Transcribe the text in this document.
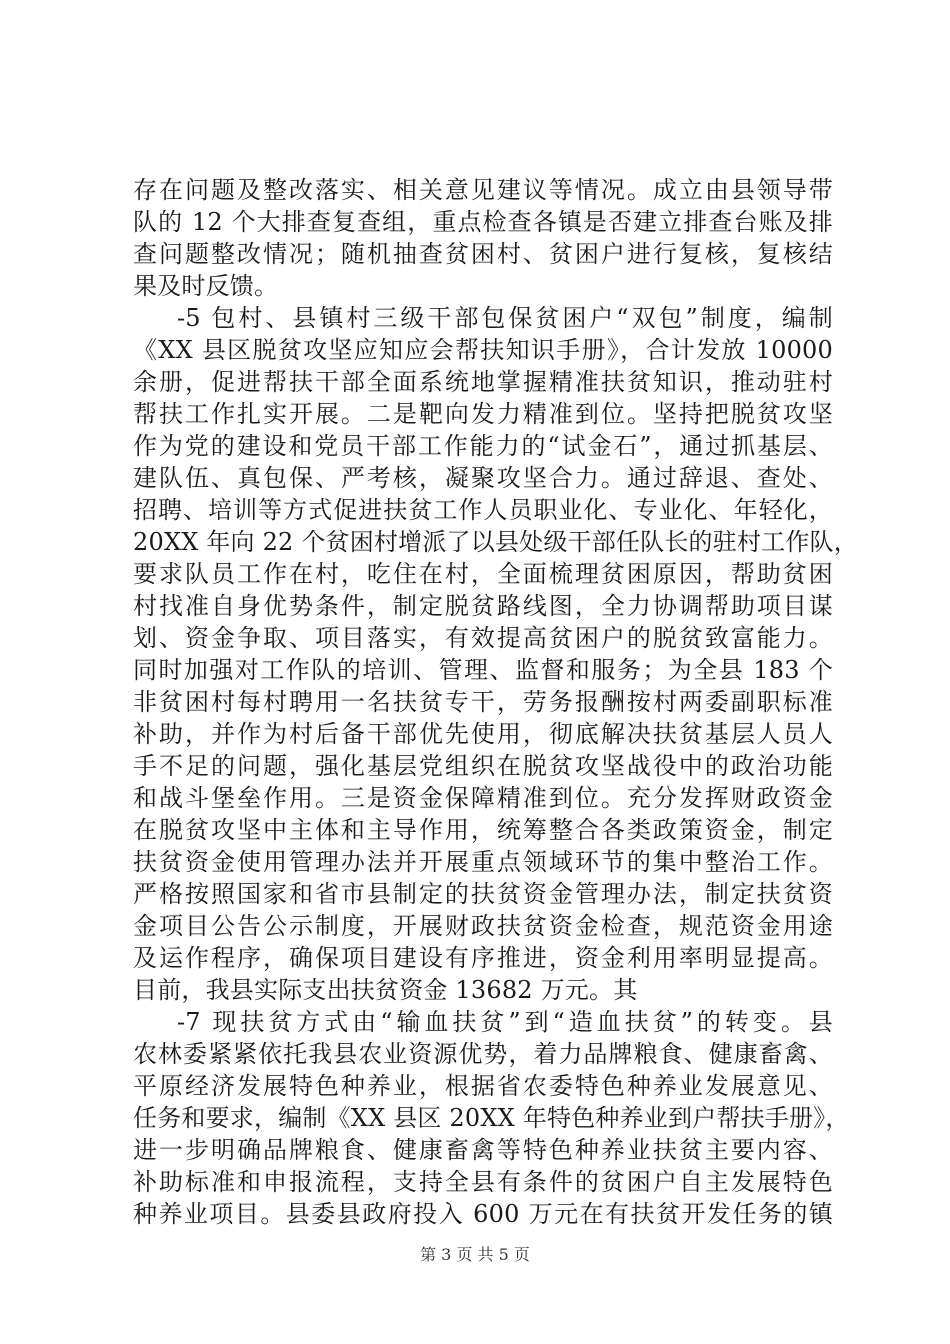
存在问题及整改落实、相关意见建议等情况。成立由县领导带
队的 12 个大排查复查组，重点检查各镇是否建立排查台账及排
查问题整改情况；随机抽查贫困村、贫困户进行复核，复核结
果及时反馈。
-5 包村、县镇村三级干部包保贫困户“双包”制度，编制
《XX 县区脱贫攻坚应知应会帮扶知识手册》，合计发放 10000
余册，促进帮扶干部全面系统地掌握精准扶贫知识，推动驻村
帮扶工作扎实开展。二是靶向发力精准到位。坚持把脱贫攻坚
作为党的建设和党员干部工作能力的“试金石”，通过抓基层、
建队伍、真包保、严考核，凝聚攻坚合力。通过辞退、查处、
招聘、培训等方式促进扶贫工作人员职业化、专业化、年轻化，
20XX 年向 22 个贫困村增派了以县处级干部任队长的驻村工作队，
要求队员工作在村，吃住在村，全面梳理贫困原因，帮助贫困
村找准自身优势条件，制定脱贫路线图，全力协调帮助项目谋
划、资金争取、项目落实，有效提高贫困户的脱贫致富能力。
同时加强对工作队的培训、管理、监督和服务；为全县 183 个
非贫困村每村聘用一名扶贫专干，劳务报酬按村两委副职标准
补助，并作为村后备干部优先使用，彻底解决扶贫基层人员人
手不足的问题，强化基层党组织在脱贫攻坚战役中的政治功能
和战斗堡垒作用。三是资金保障精准到位。充分发挥财政资金
在脱贫攻坚中主体和主导作用，统筹整合各类政策资金，制定
扶贫资金使用管理办法并开展重点领域环节的集中整治工作。
严格按照国家和省市县制定的扶贫资金管理办法，制定扶贫资
金项目公告公示制度，开展财政扶贫资金检查，规范资金用途
及运作程序，确保项目建设有序推进，资金利用率明显提高。
目前，我县实际支出扶贫资金 13682 万元。其
-7 现扶贫方式由“输血扶贫”到“造血扶贫”的转变。县
农林委紧紧依托我县农业资源优势，着力品牌粮食、健康畜禽、
平原经济发展特色种养业，根据省农委特色种养业发展意见、
任务和要求，编制《XX 县区 20XX 年特色种养业到户帮扶手册》，
进一步明确品牌粮食、健康畜禽等特色种养业扶贫主要内容、
补助标准和申报流程，支持全县有条件的贫困户自主发展特色
种养业项目。县委县政府投入 600 万元在有扶贫开发任务的镇
第 3 页 共 5 页
